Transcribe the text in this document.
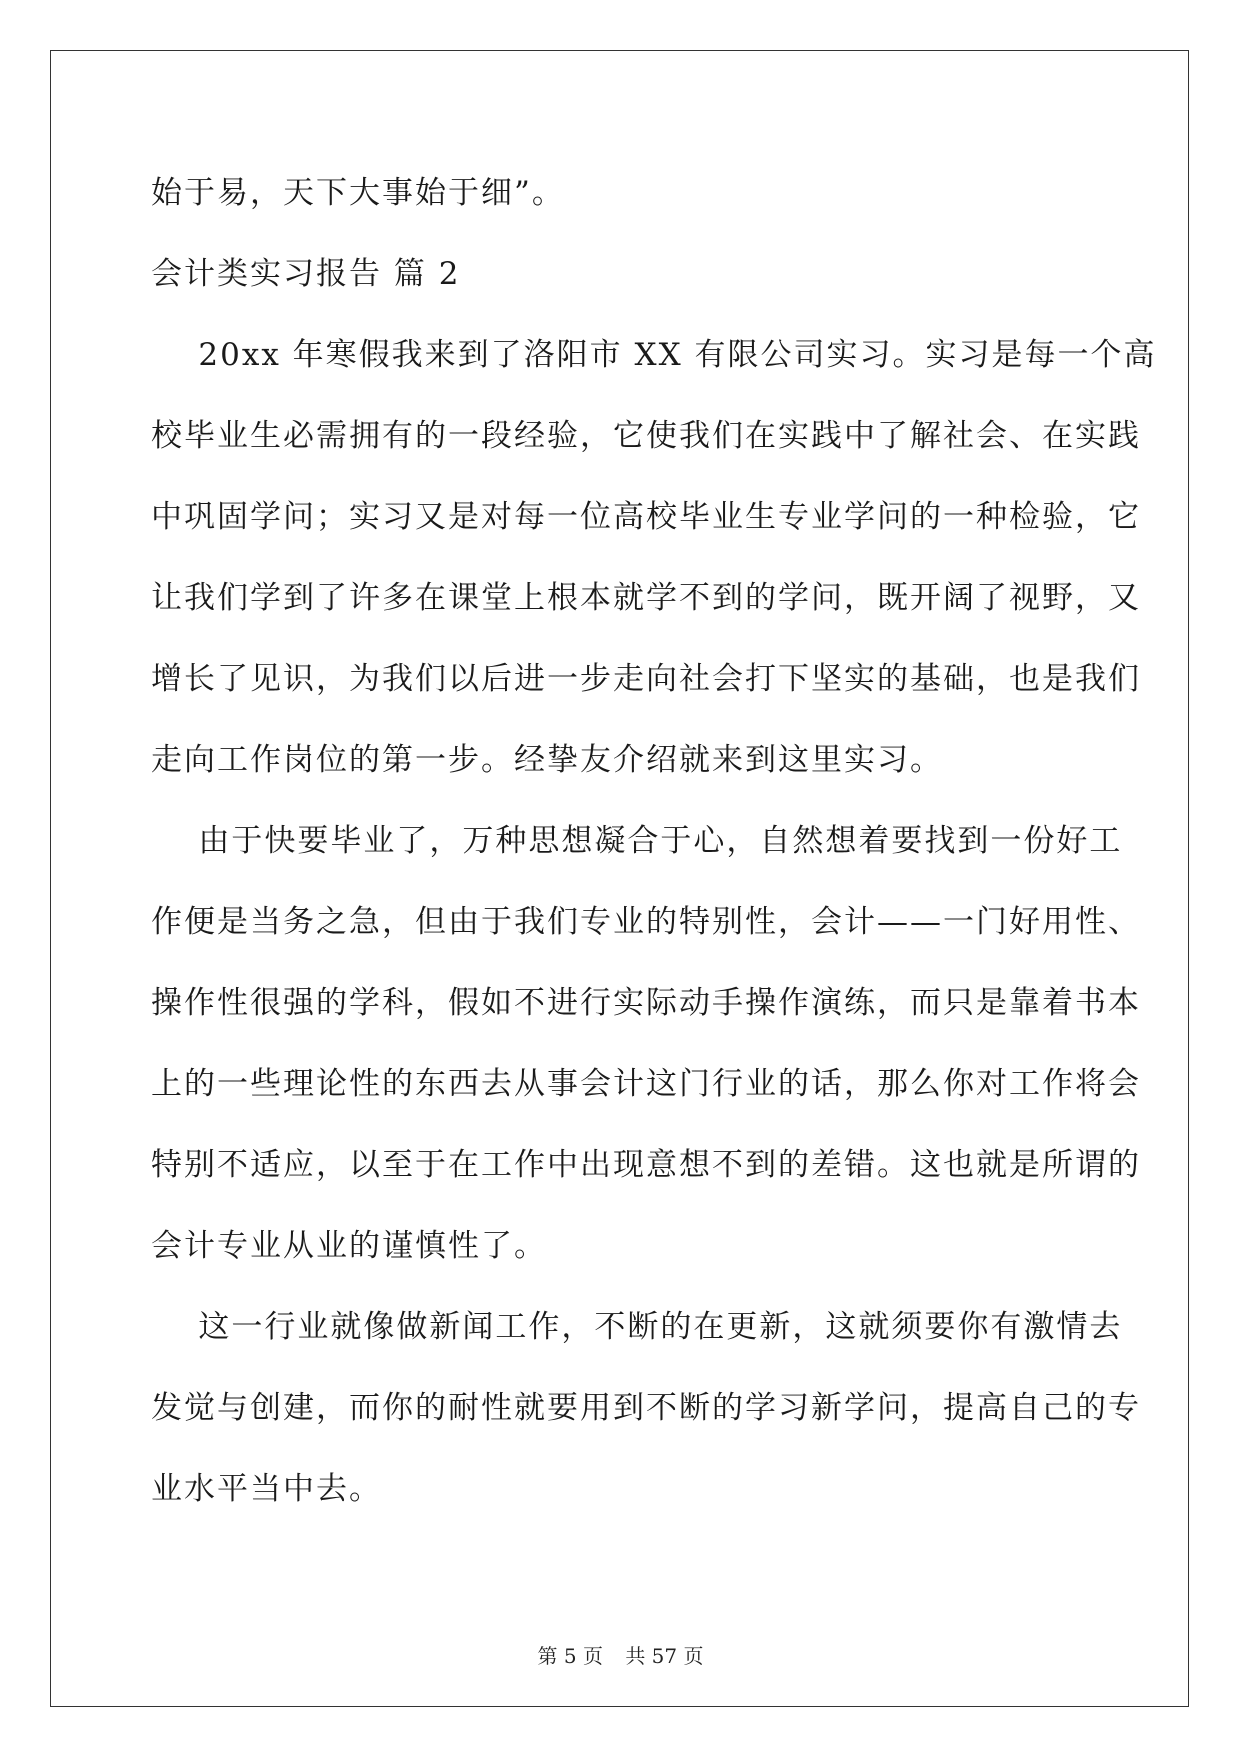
始于易，天下大事始于细”。
会计类实习报告 篇 2
20xx 年寒假我来到了洛阳市 XX 有限公司实习。实习是每一个高
校毕业生必需拥有的一段经验，它使我们在实践中了解社会、在实践
中巩固学问；实习又是对每一位高校毕业生专业学问的一种检验，它
让我们学到了许多在课堂上根本就学不到的学问，既开阔了视野，又
增长了见识，为我们以后进一步走向社会打下坚实的基础，也是我们
走向工作岗位的第一步。经挚友介绍就来到这里实习。
由于快要毕业了，万种思想凝合于心，自然想着要找到一份好工
作便是当务之急，但由于我们专业的特别性，会计——一门好用性、
操作性很强的学科，假如不进行实际动手操作演练，而只是靠着书本
上的一些理论性的东西去从事会计这门行业的话，那么你对工作将会
特别不适应，以至于在工作中出现意想不到的差错。这也就是所谓的
会计专业从业的谨慎性了。
这一行业就像做新闻工作，不断的在更新，这就须要你有激情去
发觉与创建，而你的耐性就要用到不断的学习新学问，提高自己的专
业水平当中去。
第 5 页 共 57 页
